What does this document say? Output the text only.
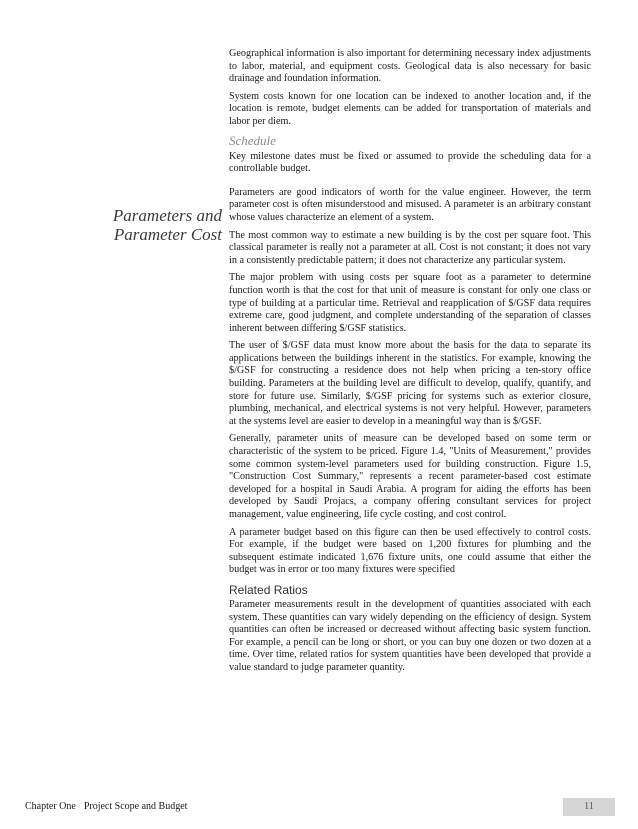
Geographical information is also important for determining necessary index adjustments to labor, material, and equipment costs. Geological data is also necessary for basic drainage and foundation information.

System costs known for one location can be indexed to another location and, if the location is remote, budget elements can be added for transportation of materials and labor per diem.

Schedule

Key milestone dates must be fixed or assumed to provide the scheduling data for a controllable budget.

Parameters are good indicators of worth for the value engineer. However, the term parameter cost is often misunderstood and misused. A parameter is an arbitrary constant whose values characterize an element of a system.

The most common way to estimate a new building is by the cost per square foot. This classical parameter is really not a parameter at all. Cost is not constant; it does not vary in a consistently predictable pattern; it does not characterize any particular system.

The major problem with using costs per square foot as a parameter to determine function worth is that the cost for that unit of measure is constant for only one class or type of building at a particular time. Retrieval and reapplication of $/GSF data requires extreme care, good judgment, and complete understanding of the separation of classes inherent between differing $/GSF statistics.

The user of $/GSF data must know more about the basis for the data to separate its applications between the buildings inherent in the statistics. For example, knowing the $/GSF for constructing a residence does not help when pricing a ten-story office building. Parameters at the building level are difficult to develop, qualify, quantify, and store for future use. Similarly, $/GSF pricing for systems such as exterior closure, plumbing, mechanical, and electrical systems is not very helpful. However, parameters at the systems level are easier to develop in a meaningful way than is $/GSF.

Generally, parameter units of measure can be developed based on some term or characteristic of the system to be priced. Figure 1.4, "Units of Measurement," provides some common system-level parameters used for building construction. Figure 1.5, "Construction Cost Summary," represents a recent parameter-based cost estimate developed for a hospital in Saudi Arabia. A program for aiding the efforts has been developed by Saudi Projacs, a company offering consultant services for project management, value engineering, life cycle costing, and cost control.

A parameter budget based on this figure can then be used effectively to control costs. For example, if the budget were based on 1,200 fixtures for plumbing and the subsequent estimate indicated 1,676 fixture units, one could assume that either the budget was in error or too many fixtures were specified

Related Ratios

Parameter measurements result in the development of quantities associated with each system. These quantities can vary widely depending on the efficiency of design. System quantities can often be increased or decreased without affecting basic system function. For example, a pencil can be long or short, or you can buy one dozen or two dozen at a time. Over time, related ratios for system quantities have been developed that provide a value standard to judge parameter quantity.

Parameters and
Parameter Cost
Chapter One Project Scope and Budget	11
